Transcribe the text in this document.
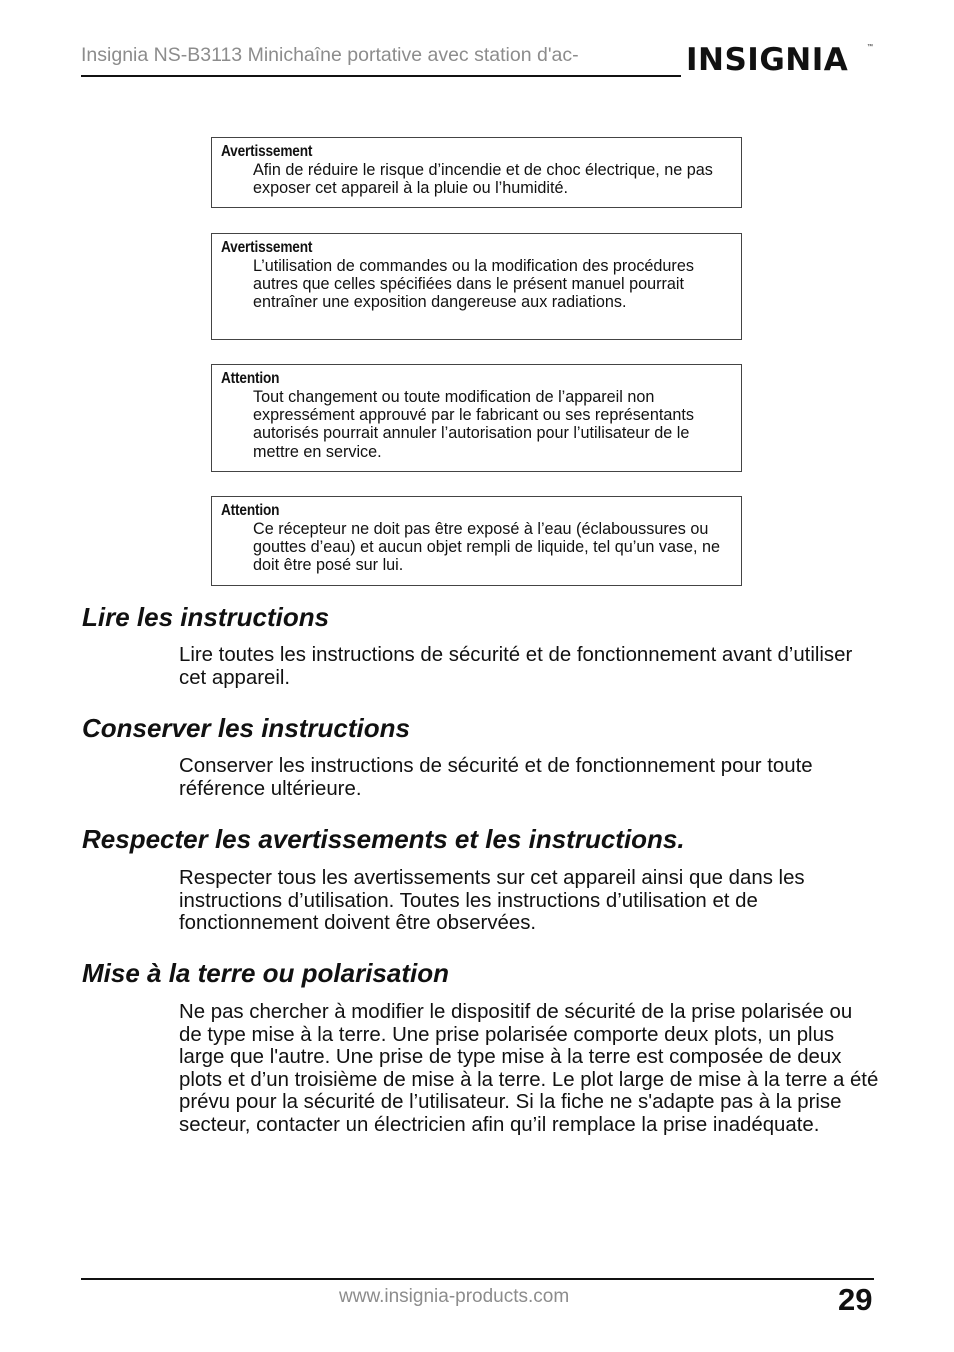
Insignia NS-B3113 Minichaîne portative avec station d'ac-	INSIGNIA	™
Avertissement
Afin de réduire le risque d’incendie et de choc électrique, ne pas exposer cet appareil à la pluie ou l’humidité.
Avertissement
L’utilisation de commandes ou la modification des procédures autres que celles spécifiées dans le présent manuel pourrait entraîner une exposition dangereuse aux radiations.
Attention
Tout changement ou toute modification de l’appareil non expressément approuvé par le fabricant ou ses représentants autorisés pourrait annuler l’autorisation pour l’utilisateur de le mettre en service.
Attention
Ce récepteur ne doit pas être exposé à l’eau (éclaboussures ou gouttes d’eau) et aucun objet rempli de liquide, tel qu’un vase, ne doit être posé sur lui.
Lire les instructions
Lire toutes les instructions de sécurité et de fonctionnement avant d’utiliser cet appareil.
Conserver les instructions
Conserver les instructions de sécurité et de fonctionnement pour toute référence ultérieure.
Respecter les avertissements et les instructions.
Respecter tous les avertissements sur cet appareil ainsi que dans les instructions d’utilisation. Toutes les instructions d’utilisation et de fonctionnement doivent être observées.
Mise à la terre ou polarisation
Ne pas chercher à modifier le dispositif de sécurité de la prise polarisée ou de type mise à la terre. Une prise polarisée comporte deux plots, un plus large que l'autre. Une prise de type mise à la terre est composée de deux plots et d’un troisième de mise à la terre. Le plot large de mise à la terre a été prévu pour la sécurité de l’utilisateur. Si la fiche ne s'adapte pas à la prise secteur, contacter un électricien afin qu’il remplace la prise inadéquate.
www.insignia-products.com	29
